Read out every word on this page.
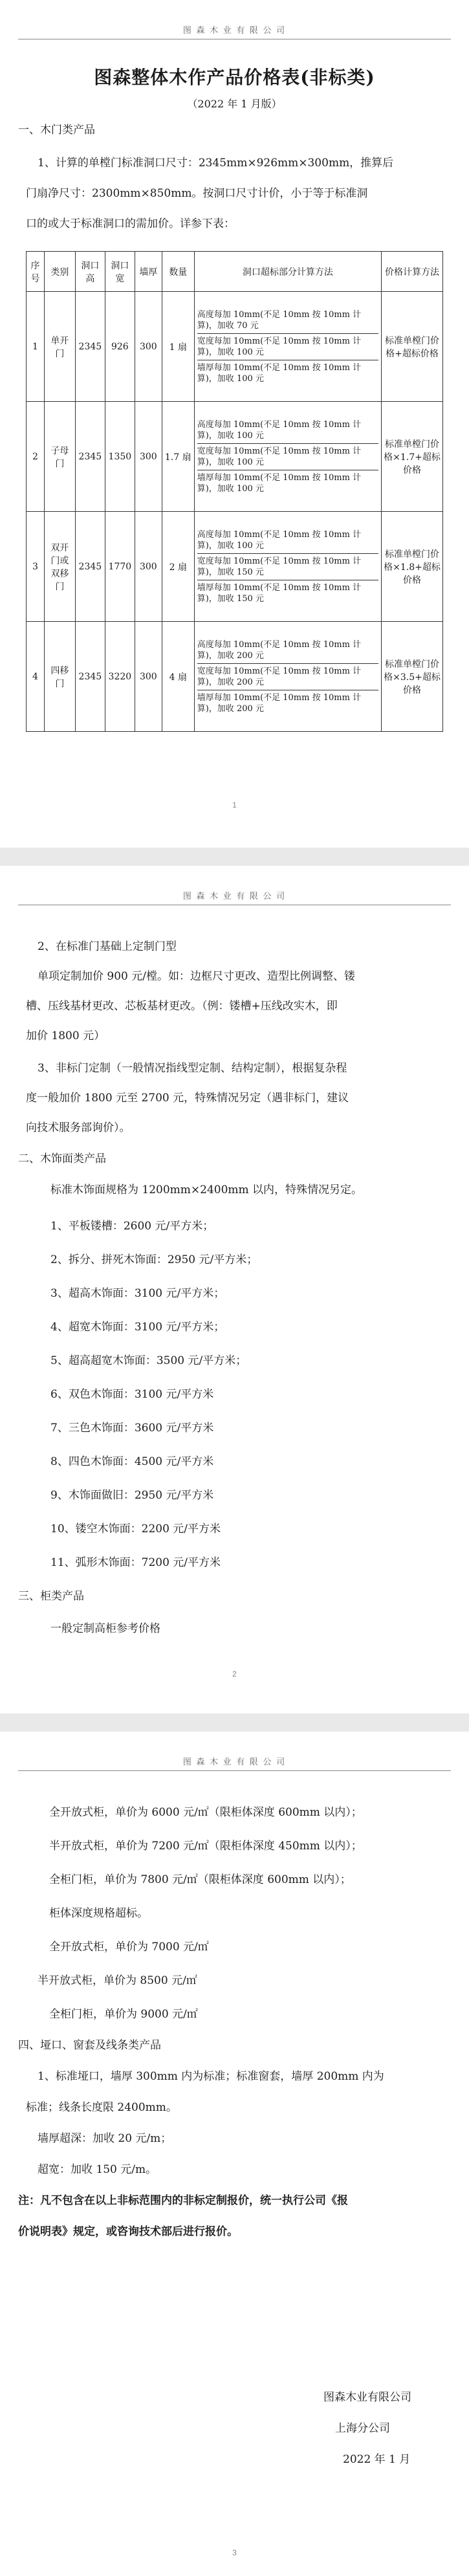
图 森 木 业 有 限 公 司
图森整体木作产品价格表(非标类)
（2022 年 1 月版）
一、木门类产品
1、计算的单樘门标准洞口尺寸：2345mm×926mm×300mm，推算后
门扇净尺寸：2300mm×850mm。按洞口尺寸计价，小于等于标准洞
口的或大于标准洞口的需加价。详参下表：
序号	类别	洞口高	洞口宽	墙厚	数量	洞口超标部分计算方法	价格计算方法
1	单开门	2345	926	300	1 扇	高度每加 10mm(不足 10mm 按 10mm 计算)，加收 70 元
宽度每加 10mm(不足 10mm 按 10mm 计算)，加收 100 元
墙厚每加 10mm(不足 10mm 按 10mm 计算)，加收 100 元	标准单樘门价格+超标价格
2	子母门	2345	1350	300	1.7 扇	高度每加 10mm(不足 10mm 按 10mm 计算)，加收 100 元
宽度每加 10mm(不足 10mm 按 10mm 计算)，加收 100 元
墙厚每加 10mm(不足 10mm 按 10mm 计算)，加收 100 元	标准单樘门价格×1.7+超标价格
3	双开门或双移门	2345	1770	300	2 扇	高度每加 10mm(不足 10mm 按 10mm 计算)，加收 100 元
宽度每加 10mm(不足 10mm 按 10mm 计算)，加收 150 元
墙厚每加 10mm(不足 10mm 按 10mm 计算)，加收 150 元	标准单樘门价格×1.8+超标价格
4	四移门	2345	3220	300	4 扇	高度每加 10mm(不足 10mm 按 10mm 计算)，加收 200 元
宽度每加 10mm(不足 10mm 按 10mm 计算)，加收 200 元
墙厚每加 10mm(不足 10mm 按 10mm 计算)，加收 200 元	标准单樘门价格×3.5+超标价格
1
图 森 木 业 有 限 公 司
2、在标准门基础上定制门型
单项定制加价 900 元/樘。如：边框尺寸更改、造型比例调整、镂
槽、压线基材更改、芯板基材更改。（例：镂槽+压线改实木，即
加价 1800 元）
3、非标门定制（一般情况指线型定制、结构定制），根据复杂程
度一般加价 1800 元至 2700 元，特殊情况另定（遇非标门，建议
向技术服务部询价）。
二、木饰面类产品
标准木饰面规格为 1200mm×2400mm 以内，特殊情况另定。
1、平板镂槽：2600 元/平方米；
2、拆分、拼死木饰面：2950 元/平方米；
3、超高木饰面：3100 元/平方米；
4、超宽木饰面：3100 元/平方米；
5、超高超宽木饰面：3500 元/平方米；
6、双色木饰面：3100 元/平方米
7、三色木饰面：3600 元/平方米
8、四色木饰面：4500 元/平方米
9、木饰面做旧：2950 元/平方米
10、镂空木饰面：2200 元/平方米
11、弧形木饰面：7200 元/平方米
三、柜类产品
一般定制高柜参考价格
2
图 森 木 业 有 限 公 司
全开放式柜，单价为 6000 元/㎡（限柜体深度 600mm 以内）；
半开放式柜，单价为 7200 元/㎡（限柜体深度 450mm 以内）；
全柜门柜，单价为 7800 元/㎡（限柜体深度 600mm 以内）；
柜体深度规格超标。
全开放式柜，单价为 7000 元/㎡
半开放式柜，单价为 8500 元/㎡
全柜门柜，单价为 9000 元/㎡
四、垭口、窗套及线条类产品
1、标准垭口，墙厚 300mm 内为标准；标准窗套，墙厚 200mm 内为
标准；线条长度限 2400mm。
墙厚超深：加收 20 元/m；
超宽：加收 150 元/m。
注：凡不包含在以上非标范围内的非标定制报价，统一执行公司《报
价说明表》规定，或咨询技术部后进行报价。
图森木业有限公司
上海分公司
2022 年 1 月
3
